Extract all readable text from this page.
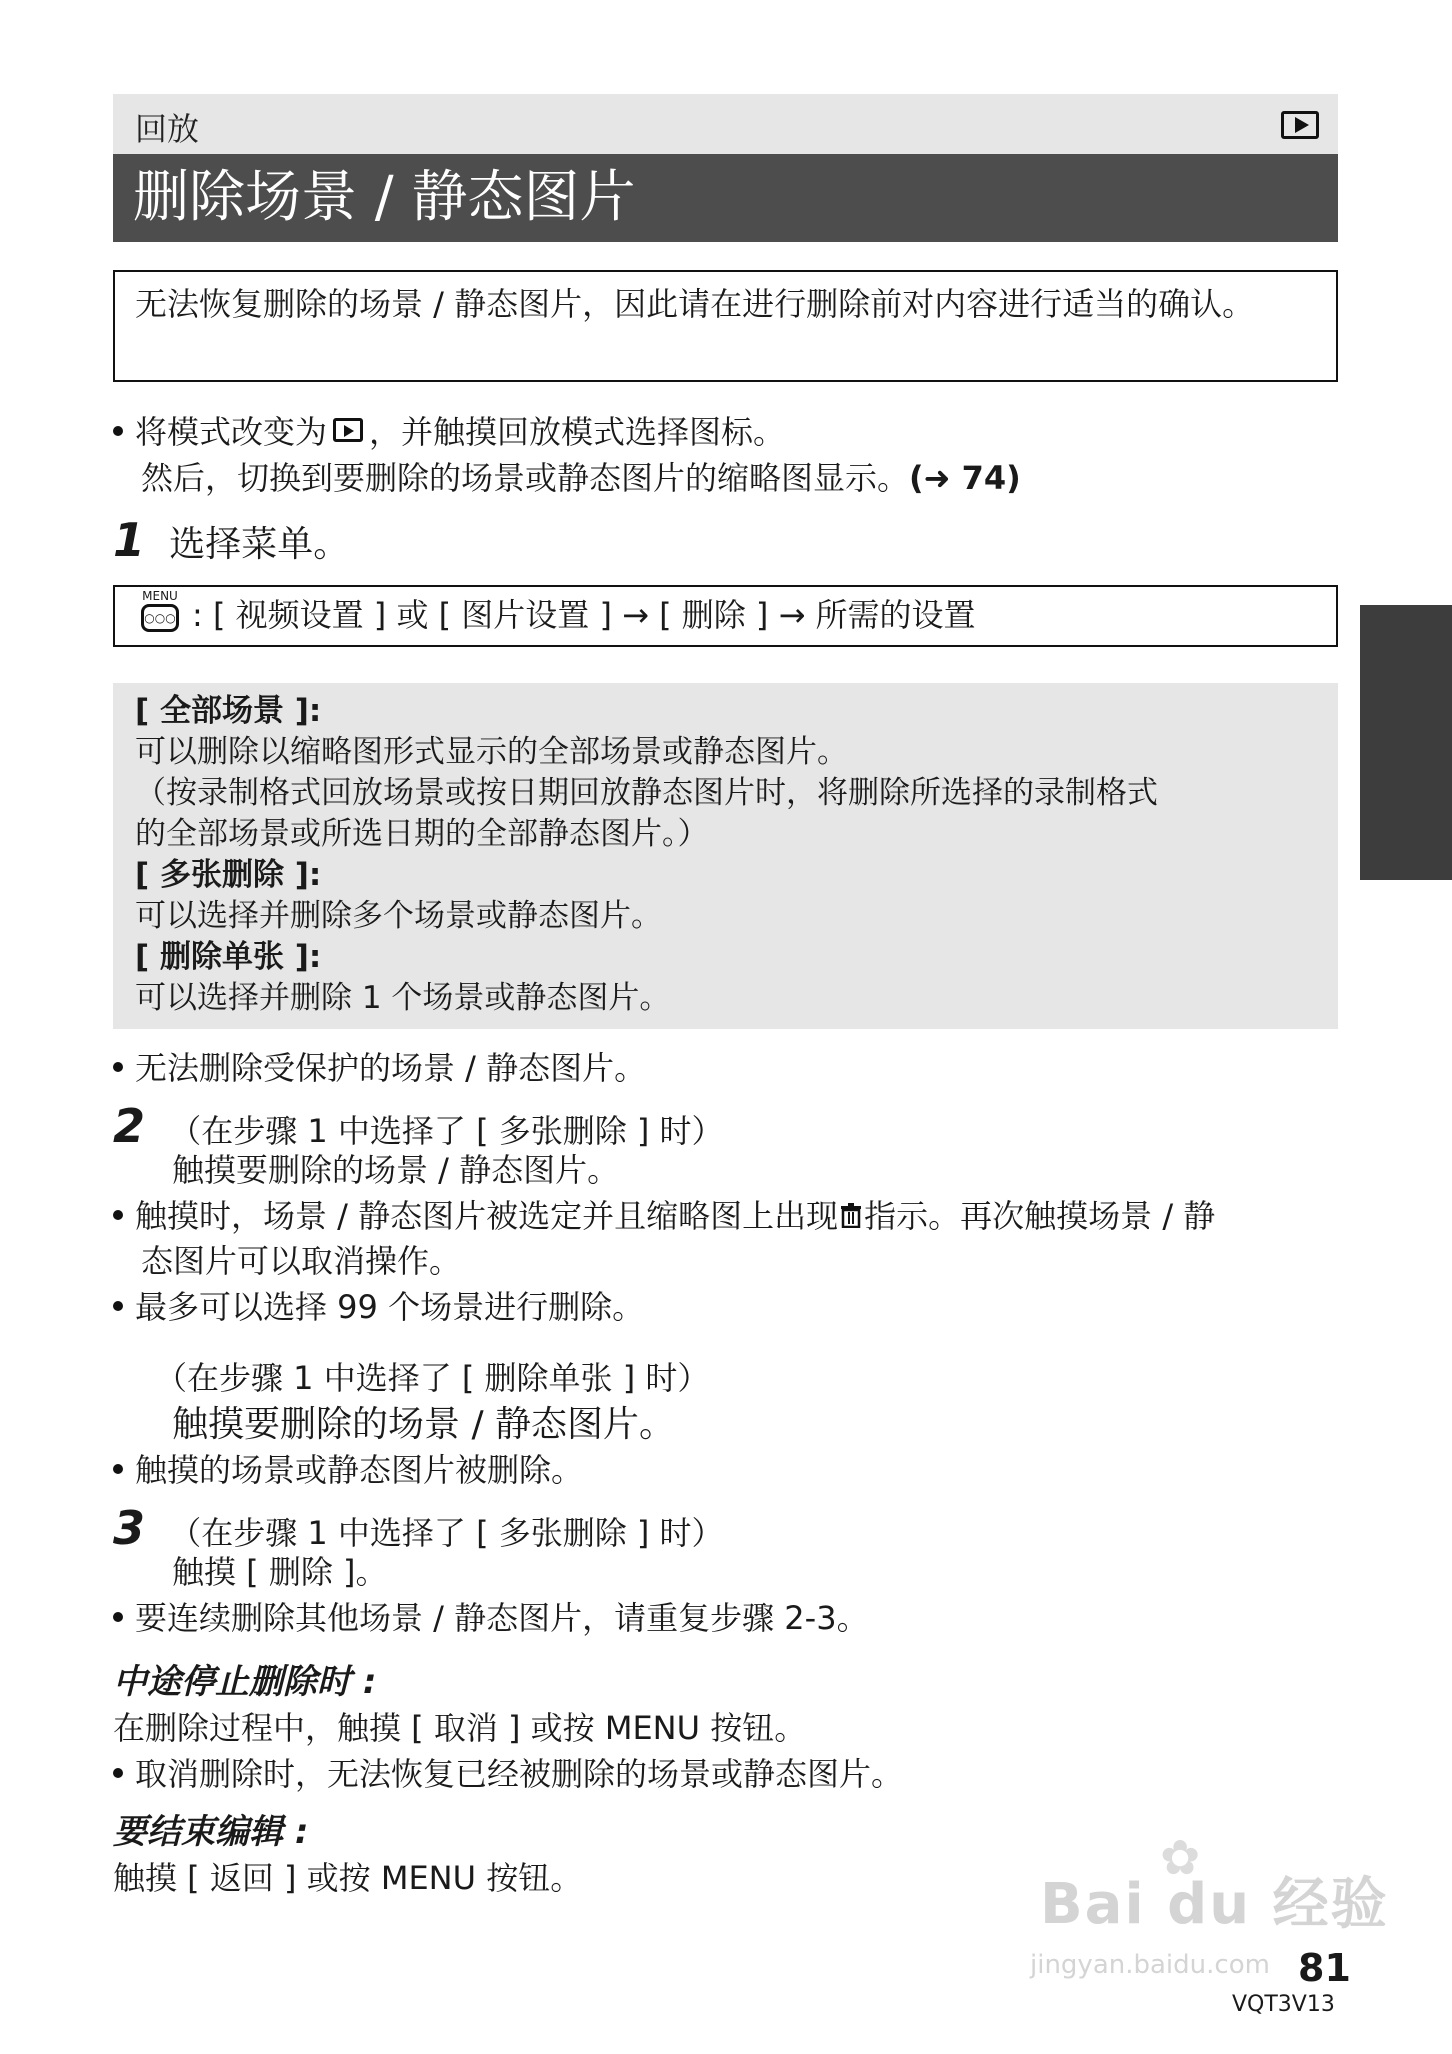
回放
删除场景 / 静态图片
无法恢复删除的场景 / 静态图片，因此请在进行删除前对内容进行适当的确认。
将模式改变为 ，并触摸回放模式选择图标。
然后，切换到要删除的场景或静态图片的缩略图显示。(➜ 74)
1 选择菜单。
MENU
○○○ : [ 视频设置 ] 或 [ 图片设置 ] → [ 删除 ] → 所需的设置
[ 全部场景 ]:
可以删除以缩略图形式显示的全部场景或静态图片。
（按录制格式回放场景或按日期回放静态图片时，将删除所选择的录制格式
的全部场景或所选日期的全部静态图片。）
[ 多张删除 ]:
可以选择并删除多个场景或静态图片。
[ 删除单张 ]:
可以选择并删除 1 个场景或静态图片。
无法删除受保护的场景 / 静态图片。
2 （在步骤 1 中选择了 [ 多张删除 ] 时）
触摸要删除的场景 / 静态图片。
触摸时，场景 / 静态图片被选定并且缩略图上出现 指示。再次触摸场景 / 静
态图片可以取消操作。
最多可以选择 99 个场景进行删除。
（在步骤 1 中选择了 [ 删除单张 ] 时）
触摸要删除的场景 / 静态图片。
触摸的场景或静态图片被删除。
3 （在步骤 1 中选择了 [ 多张删除 ] 时）
触摸 [ 删除 ]。
要连续删除其他场景 / 静态图片，请重复步骤 2-3。
中途停止删除时 :
在删除过程中，触摸 [ 取消 ] 或按 MENU 按钮。
取消删除时，无法恢复已经被删除的场景或静态图片。
要结束编辑 :
触摸 [ 返回 ] 或按 MENU 按钮。	✿
Bai du 经验
jingyan.baidu.com 81
VQT3V13
